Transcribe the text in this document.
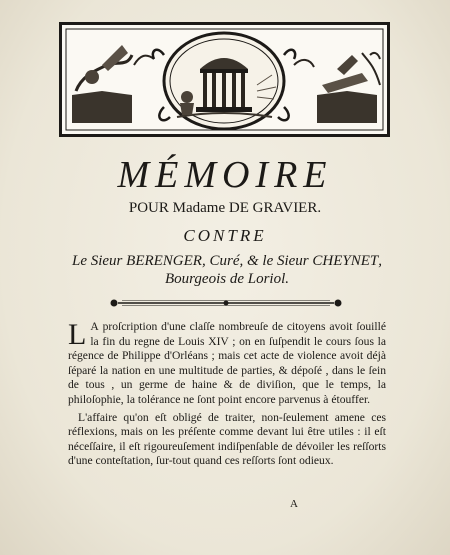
MÉMOIRE
POUR Madame DE GRAVIER.
CONTRE
Le Sieur BERENGER, Curé, & le Sieur CHEYNET,
Bourgeois de Loriol.
L A proſcription d'une claſſe nombreuſe de citoyens avoit ſouillé la fin du regne de Louis XIV ; on en ſuſpendit le cours ſous la régence de Philippe d'Orléans ; mais cet acte de violence avoit déjà ſéparé la nation en une multitude de parties, & dépoſé , dans le ſein de tous , un germe de haine & de diviſion, que le temps, la philoſophie, la tolérance ne ſont point encore parvenus à étouffer.
L'affaire qu'on eſt obligé de traiter, non-ſeulement amene ces réflexions, mais on les préſente comme devant lui être utiles : il eſt néceſſaire, il eſt rigoureuſement indiſpenſable de dévoiler les reſſorts d'une conteſtation, ſur-tout quand ces reſſorts ſont odieux.
A
